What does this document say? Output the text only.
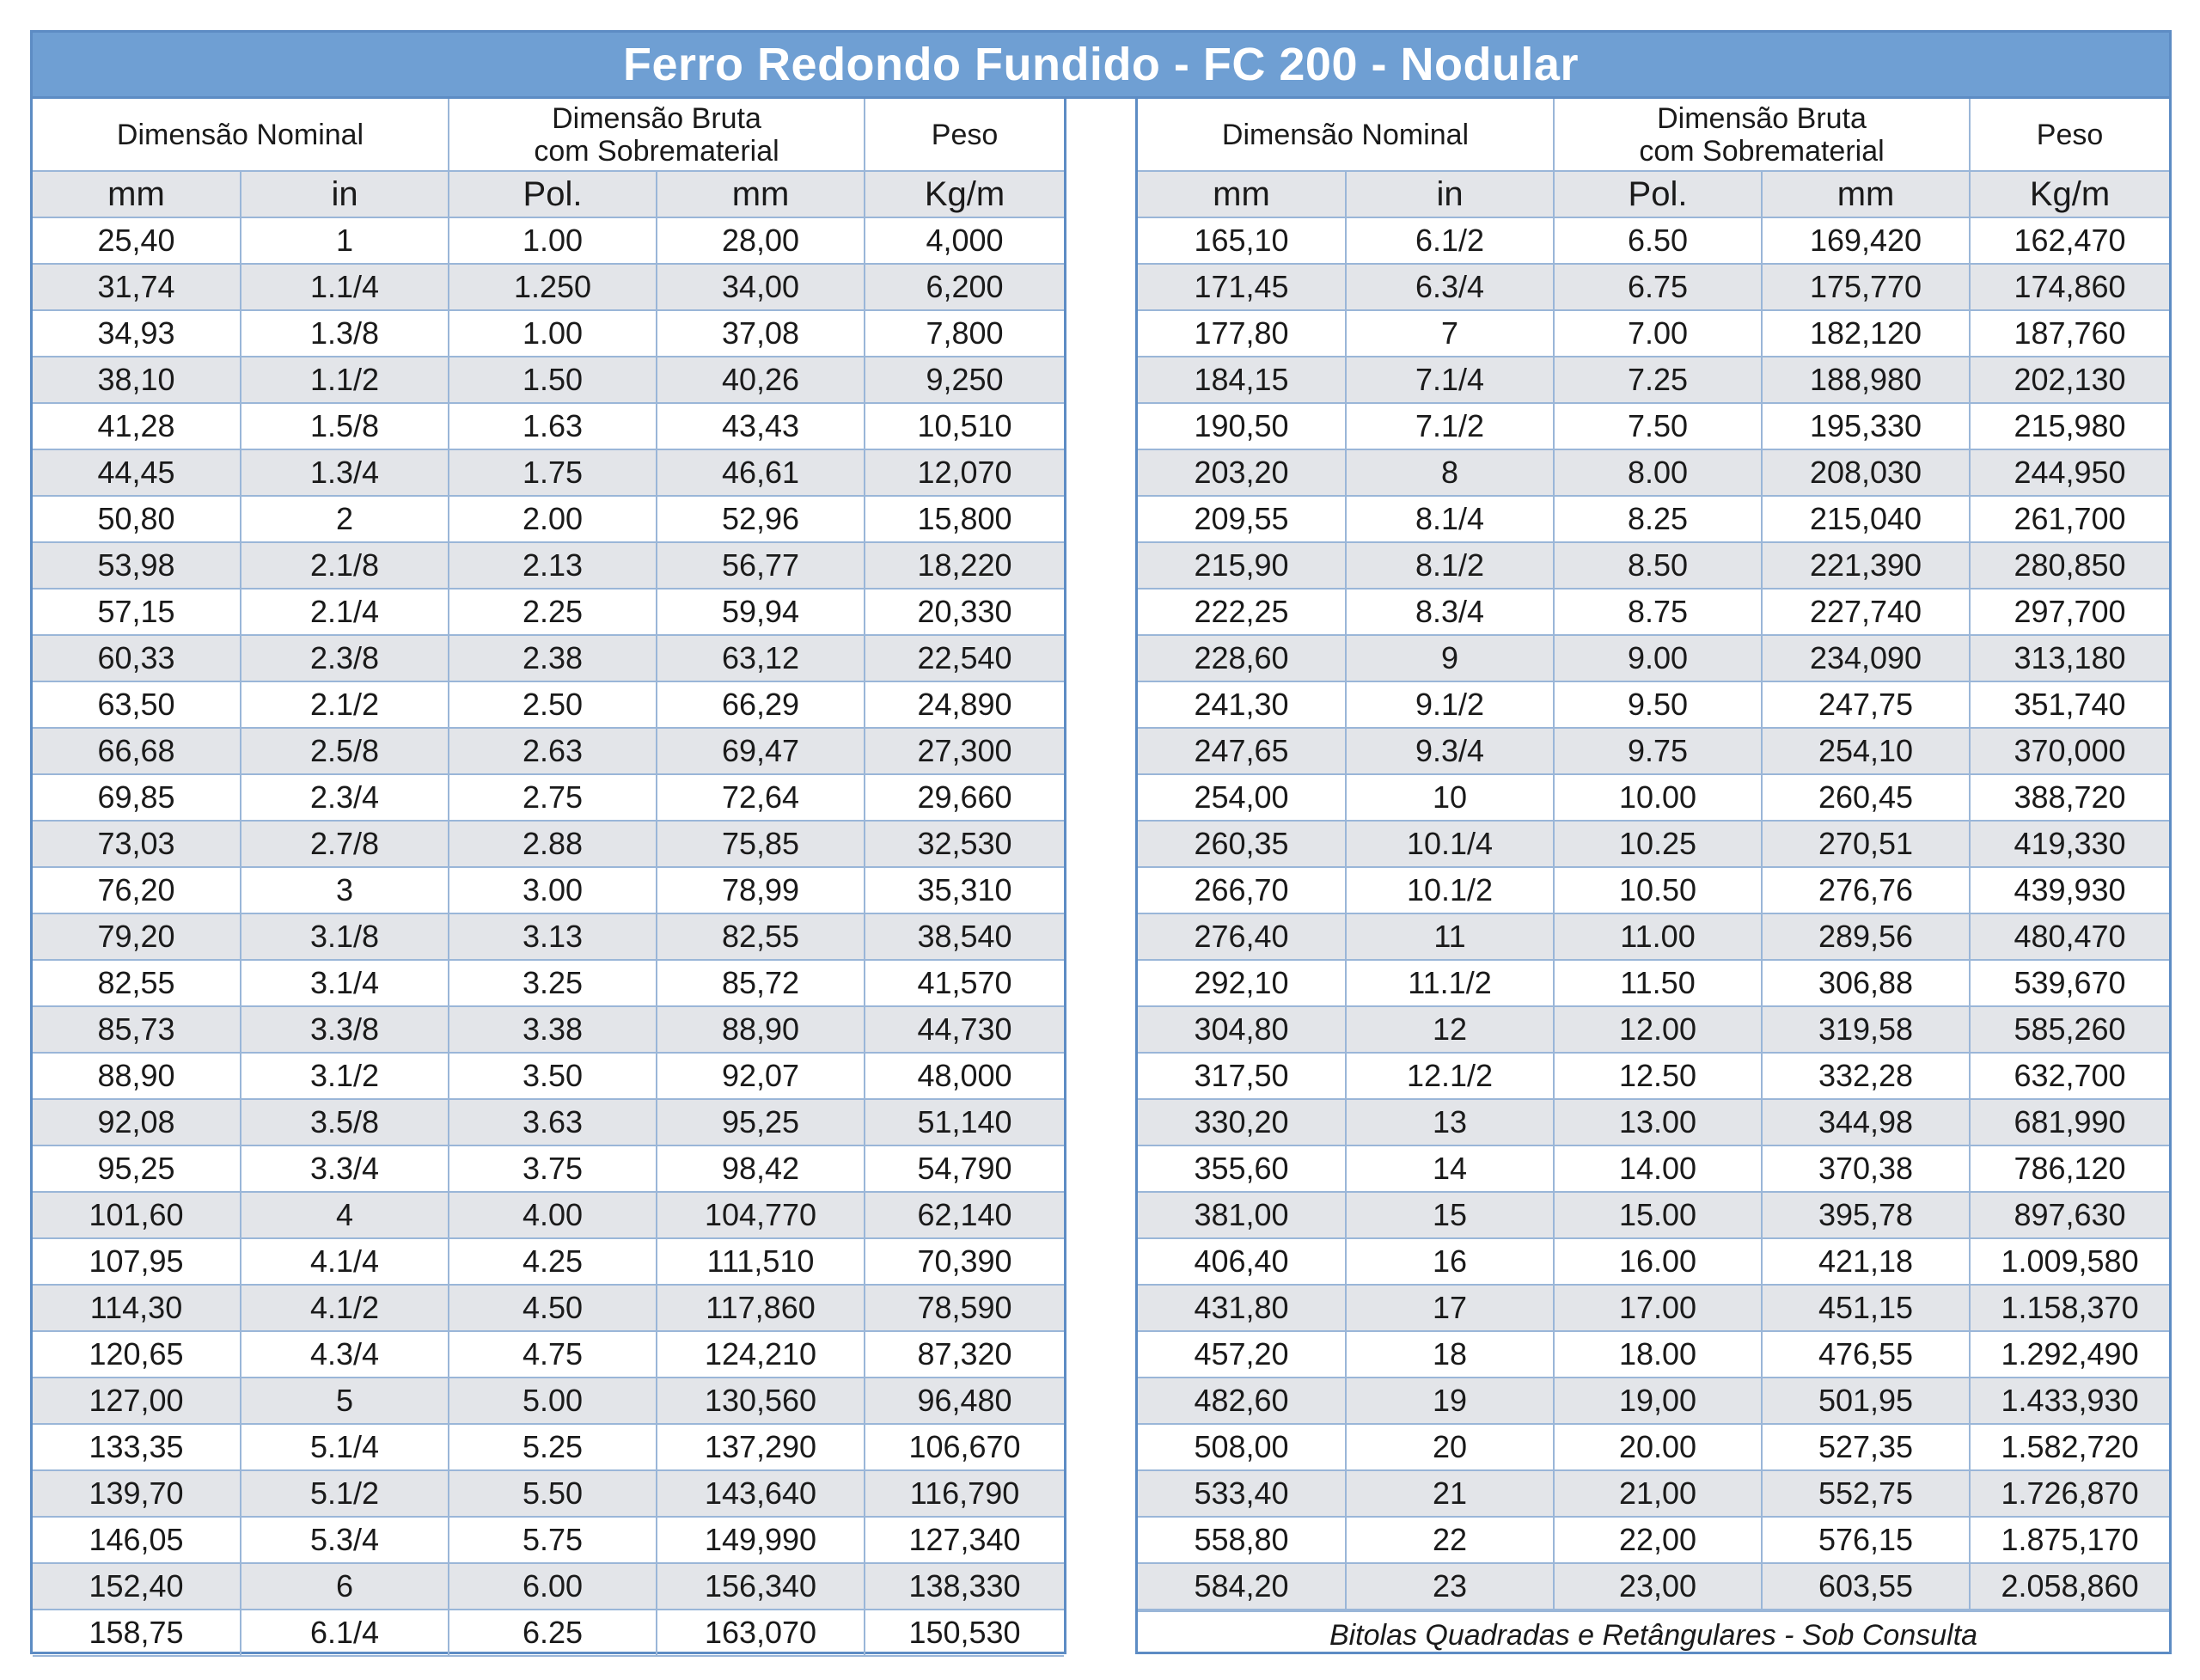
Ferro Redondo Fundido - FC 200 - Nodular
Dimensão Nominal		Dimensão Bruta
com Sobrematerial		Peso
mm	in	Pol.	mm	Kg/m
25,40	1	1.00	28,00	4,000
31,74	1.1/4	1.250	34,00	6,200
34,93	1.3/8	1.00	37,08	7,800
38,10	1.1/2	1.50	40,26	9,250
41,28	1.5/8	1.63	43,43	10,510
44,45	1.3/4	1.75	46,61	12,070
50,80	2	2.00	52,96	15,800
53,98	2.1/8	2.13	56,77	18,220
57,15	2.1/4	2.25	59,94	20,330
60,33	2.3/8	2.38	63,12	22,540
63,50	2.1/2	2.50	66,29	24,890
66,68	2.5/8	2.63	69,47	27,300
69,85	2.3/4	2.75	72,64	29,660
73,03	2.7/8	2.88	75,85	32,530
76,20	3	3.00	78,99	35,310
79,20	3.1/8	3.13	82,55	38,540
82,55	3.1/4	3.25	85,72	41,570
85,73	3.3/8	3.38	88,90	44,730
88,90	3.1/2	3.50	92,07	48,000
92,08	3.5/8	3.63	95,25	51,140
95,25	3.3/4	3.75	98,42	54,790
101,60	4	4.00	104,770	62,140
107,95	4.1/4	4.25	111,510	70,390
114,30	4.1/2	4.50	117,860	78,590
120,65	4.3/4	4.75	124,210	87,320
127,00	5	5.00	130,560	96,480
133,35	5.1/4	5.25	137,290	106,670
139,70	5.1/2	5.50	143,640	116,790
146,05	5.3/4	5.75	149,990	127,340
152,40	6	6.00	156,340	138,330
158,75	6.1/4	6.25	163,070	150,530
Dimensão Nominal		Dimensão Bruta
com Sobrematerial		Peso
mm	in	Pol.	mm	Kg/m
165,10	6.1/2	6.50	169,420	162,470
171,45	6.3/4	6.75	175,770	174,860
177,80	7	7.00	182,120	187,760
184,15	7.1/4	7.25	188,980	202,130
190,50	7.1/2	7.50	195,330	215,980
203,20	8	8.00	208,030	244,950
209,55	8.1/4	8.25	215,040	261,700
215,90	8.1/2	8.50	221,390	280,850
222,25	8.3/4	8.75	227,740	297,700
228,60	9	9.00	234,090	313,180
241,30	9.1/2	9.50	247,75	351,740
247,65	9.3/4	9.75	254,10	370,000
254,00	10	10.00	260,45	388,720
260,35	10.1/4	10.25	270,51	419,330
266,70	10.1/2	10.50	276,76	439,930
276,40	11	11.00	289,56	480,470
292,10	11.1/2	11.50	306,88	539,670
304,80	12	12.00	319,58	585,260
317,50	12.1/2	12.50	332,28	632,700
330,20	13	13.00	344,98	681,990
355,60	14	14.00	370,38	786,120
381,00	15	15.00	395,78	897,630
406,40	16	16.00	421,18	1.009,580
431,80	17	17.00	451,15	1.158,370
457,20	18	18.00	476,55	1.292,490
482,60	19	19,00	501,95	1.433,930
508,00	20	20.00	527,35	1.582,720
533,40	21	21,00	552,75	1.726,870
558,80	22	22,00	576,15	1.875,170
584,20	23	23,00	603,55	2.058,860
Bitolas Quadradas e Retângulares - Sob Consulta
